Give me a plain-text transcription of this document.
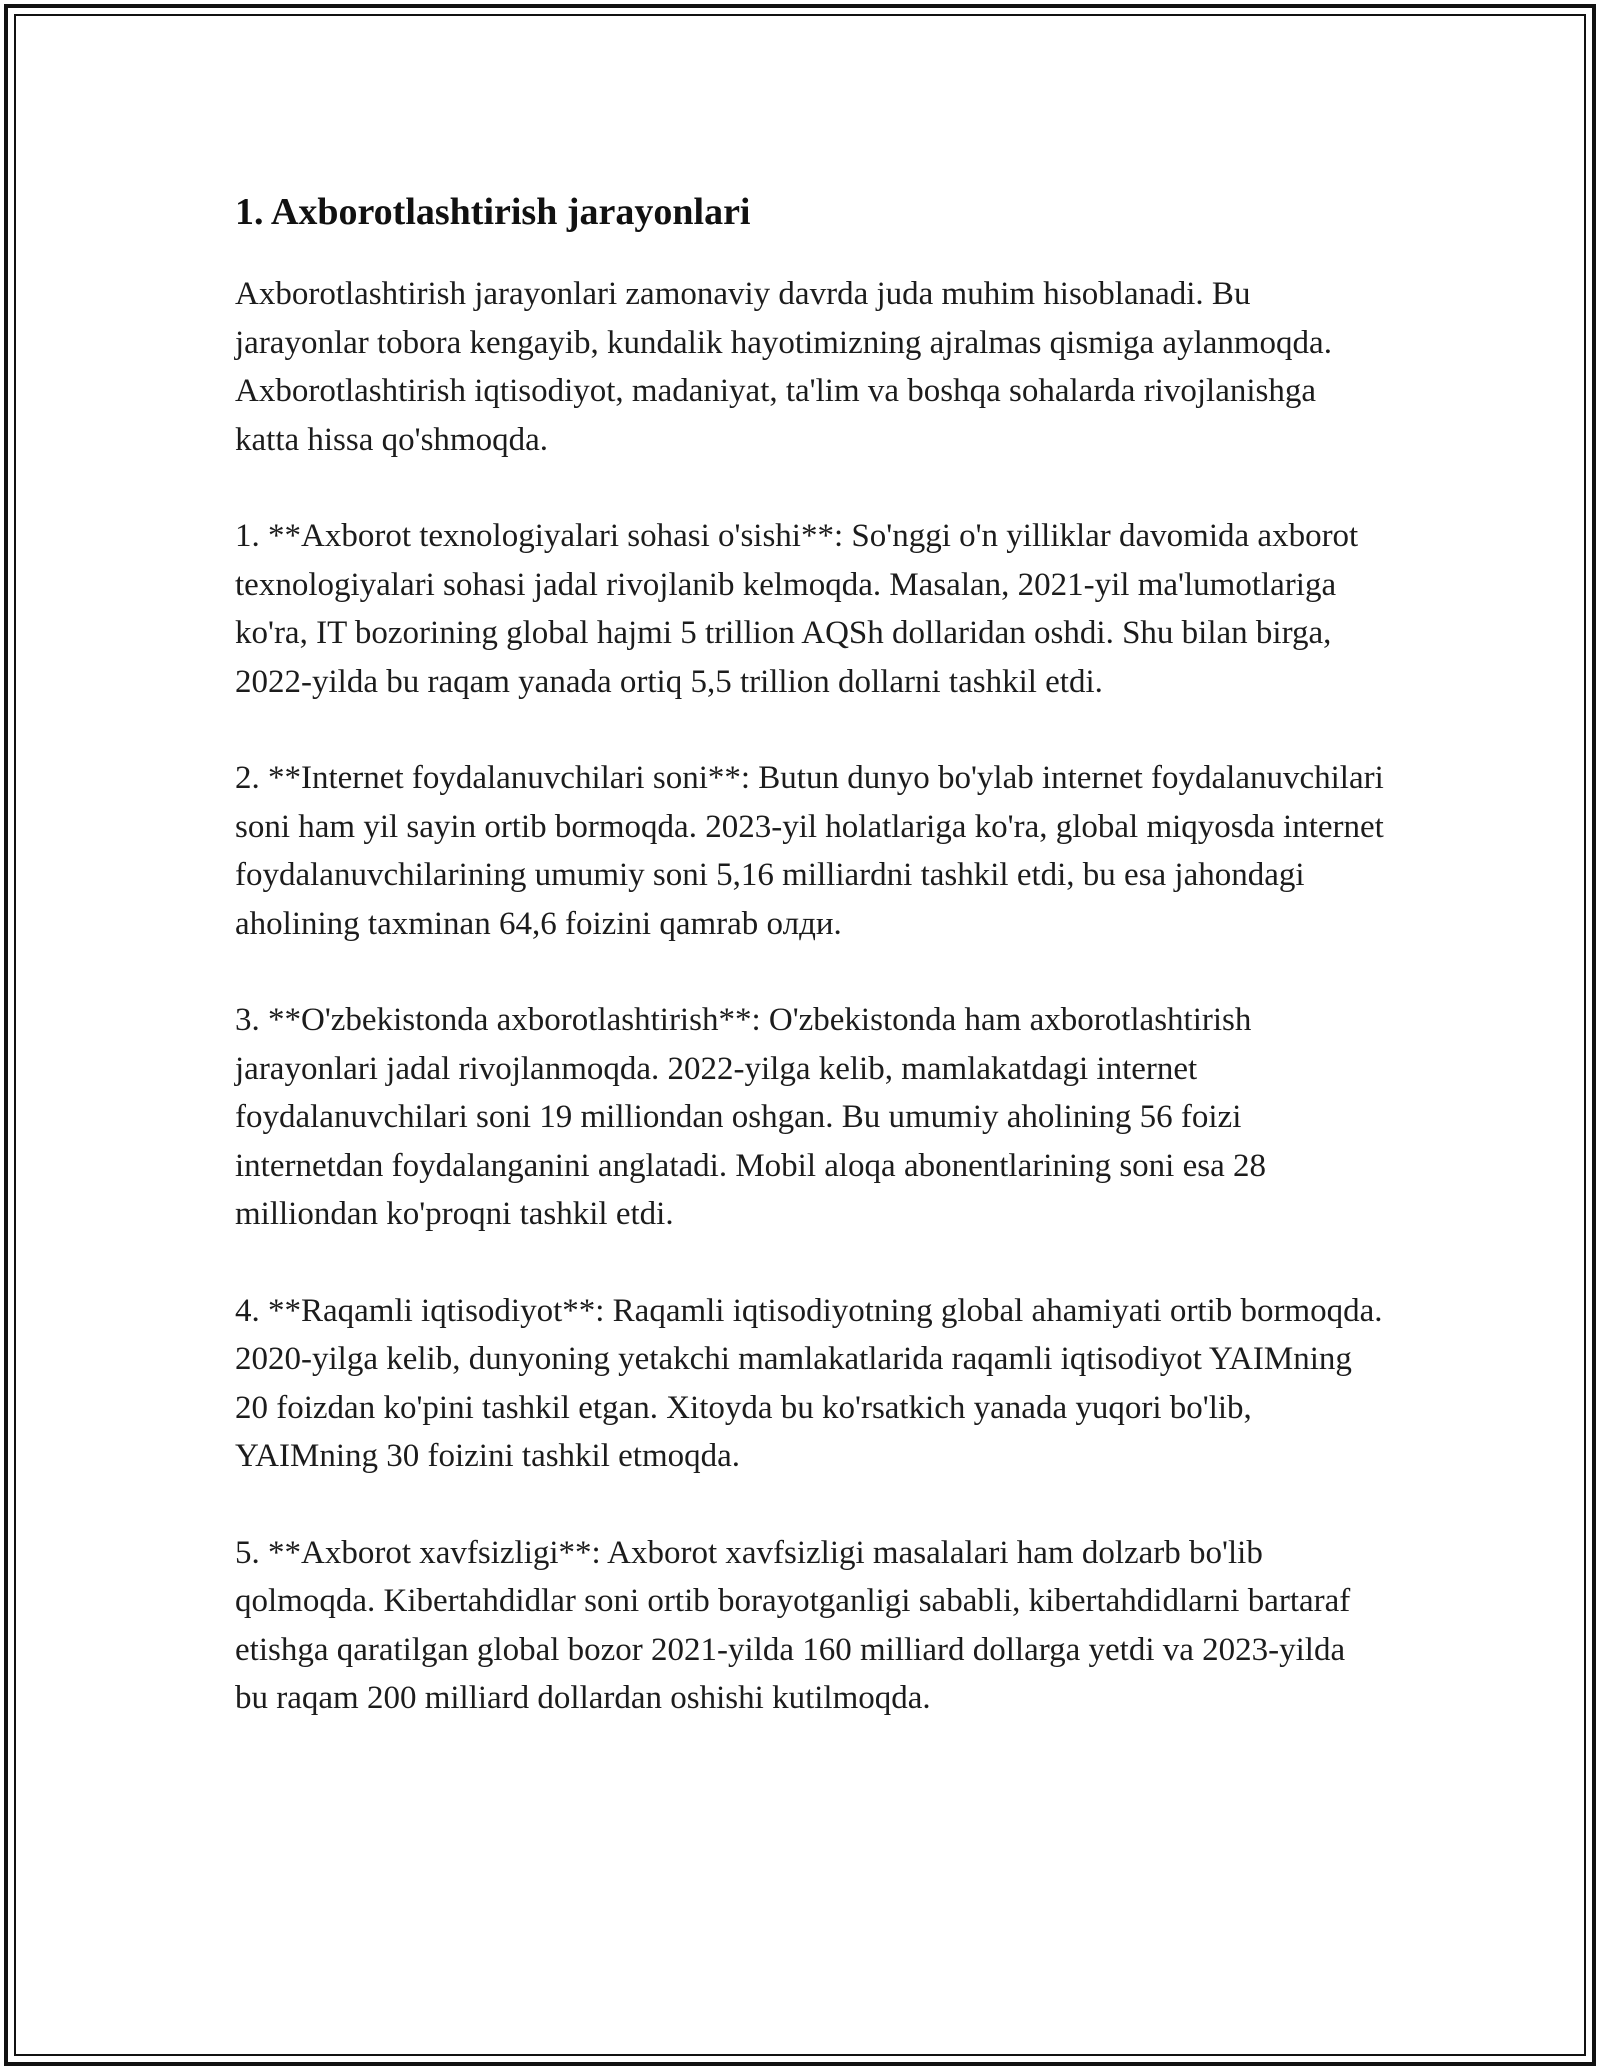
1. Axborotlashtirish jarayonlari

Axborotlashtirish jarayonlari zamonaviy davrda juda muhim hisoblanadi. Bu jarayonlar tobora kengayib, kundalik hayotimizning ajralmas qismiga aylanmoqda. Axborotlashtirish iqtisodiyot, madaniyat, ta'lim va boshqa sohalarda rivojlanishga katta hissa qo'shmoqda.

1. **Axborot texnologiyalari sohasi o'sishi**: So'nggi o'n yilliklar davomida axborot texnologiyalari sohasi jadal rivojlanib kelmoqda. Masalan, 2021-yil ma'lumotlariga ko'ra, IT bozorining global hajmi 5 trillion AQSh dollaridan oshdi. Shu bilan birga, 2022-yilda bu raqam yanada ortiq 5,5 trillion dollarni tashkil etdi.

2. **Internet foydalanuvchilari soni**: Butun dunyo bo'ylab internet foydalanuvchilari soni ham yil sayin ortib bormoqda. 2023-yil holatlariga ko'ra, global miqyosda internet foydalanuvchilarining umumiy soni 5,16 milliardni tashkil etdi, bu esa jahondagi aholining taxminan 64,6 foizini qamrab олди.

3. **O'zbekistonda axborotlashtirish**: O'zbekistonda ham axborotlashtirish jarayonlari jadal rivojlanmoqda. 2022-yilga kelib, mamlakatdagi internet foydalanuvchilari soni 19 milliondan oshgan. Bu umumiy aholining 56 foizi internetdan foydalanganini anglatadi. Mobil aloqa abonentlarining soni esa 28 milliondan ko'proqni tashkil etdi.

4. **Raqamli iqtisodiyot**: Raqamli iqtisodiyotning global ahamiyati ortib bormoqda. 2020-yilga kelib, dunyoning yetakchi mamlakatlarida raqamli iqtisodiyot YAIMning 20 foizdan ko'pini tashkil etgan. Xitoyda bu ko'rsatkich yanada yuqori bo'lib, YAIMning 30 foizini tashkil etmoqda.

5. **Axborot xavfsizligi**: Axborot xavfsizligi masalalari ham dolzarb bo'lib qolmoqda. Kibertahdidlar soni ortib borayotganligi sababli, kibertahdidlarni bartaraf etishga qaratilgan global bozor 2021-yilda 160 milliard dollarga yetdi va 2023-yilda bu raqam 200 milliard dollardan oshishi kutilmoqda.
